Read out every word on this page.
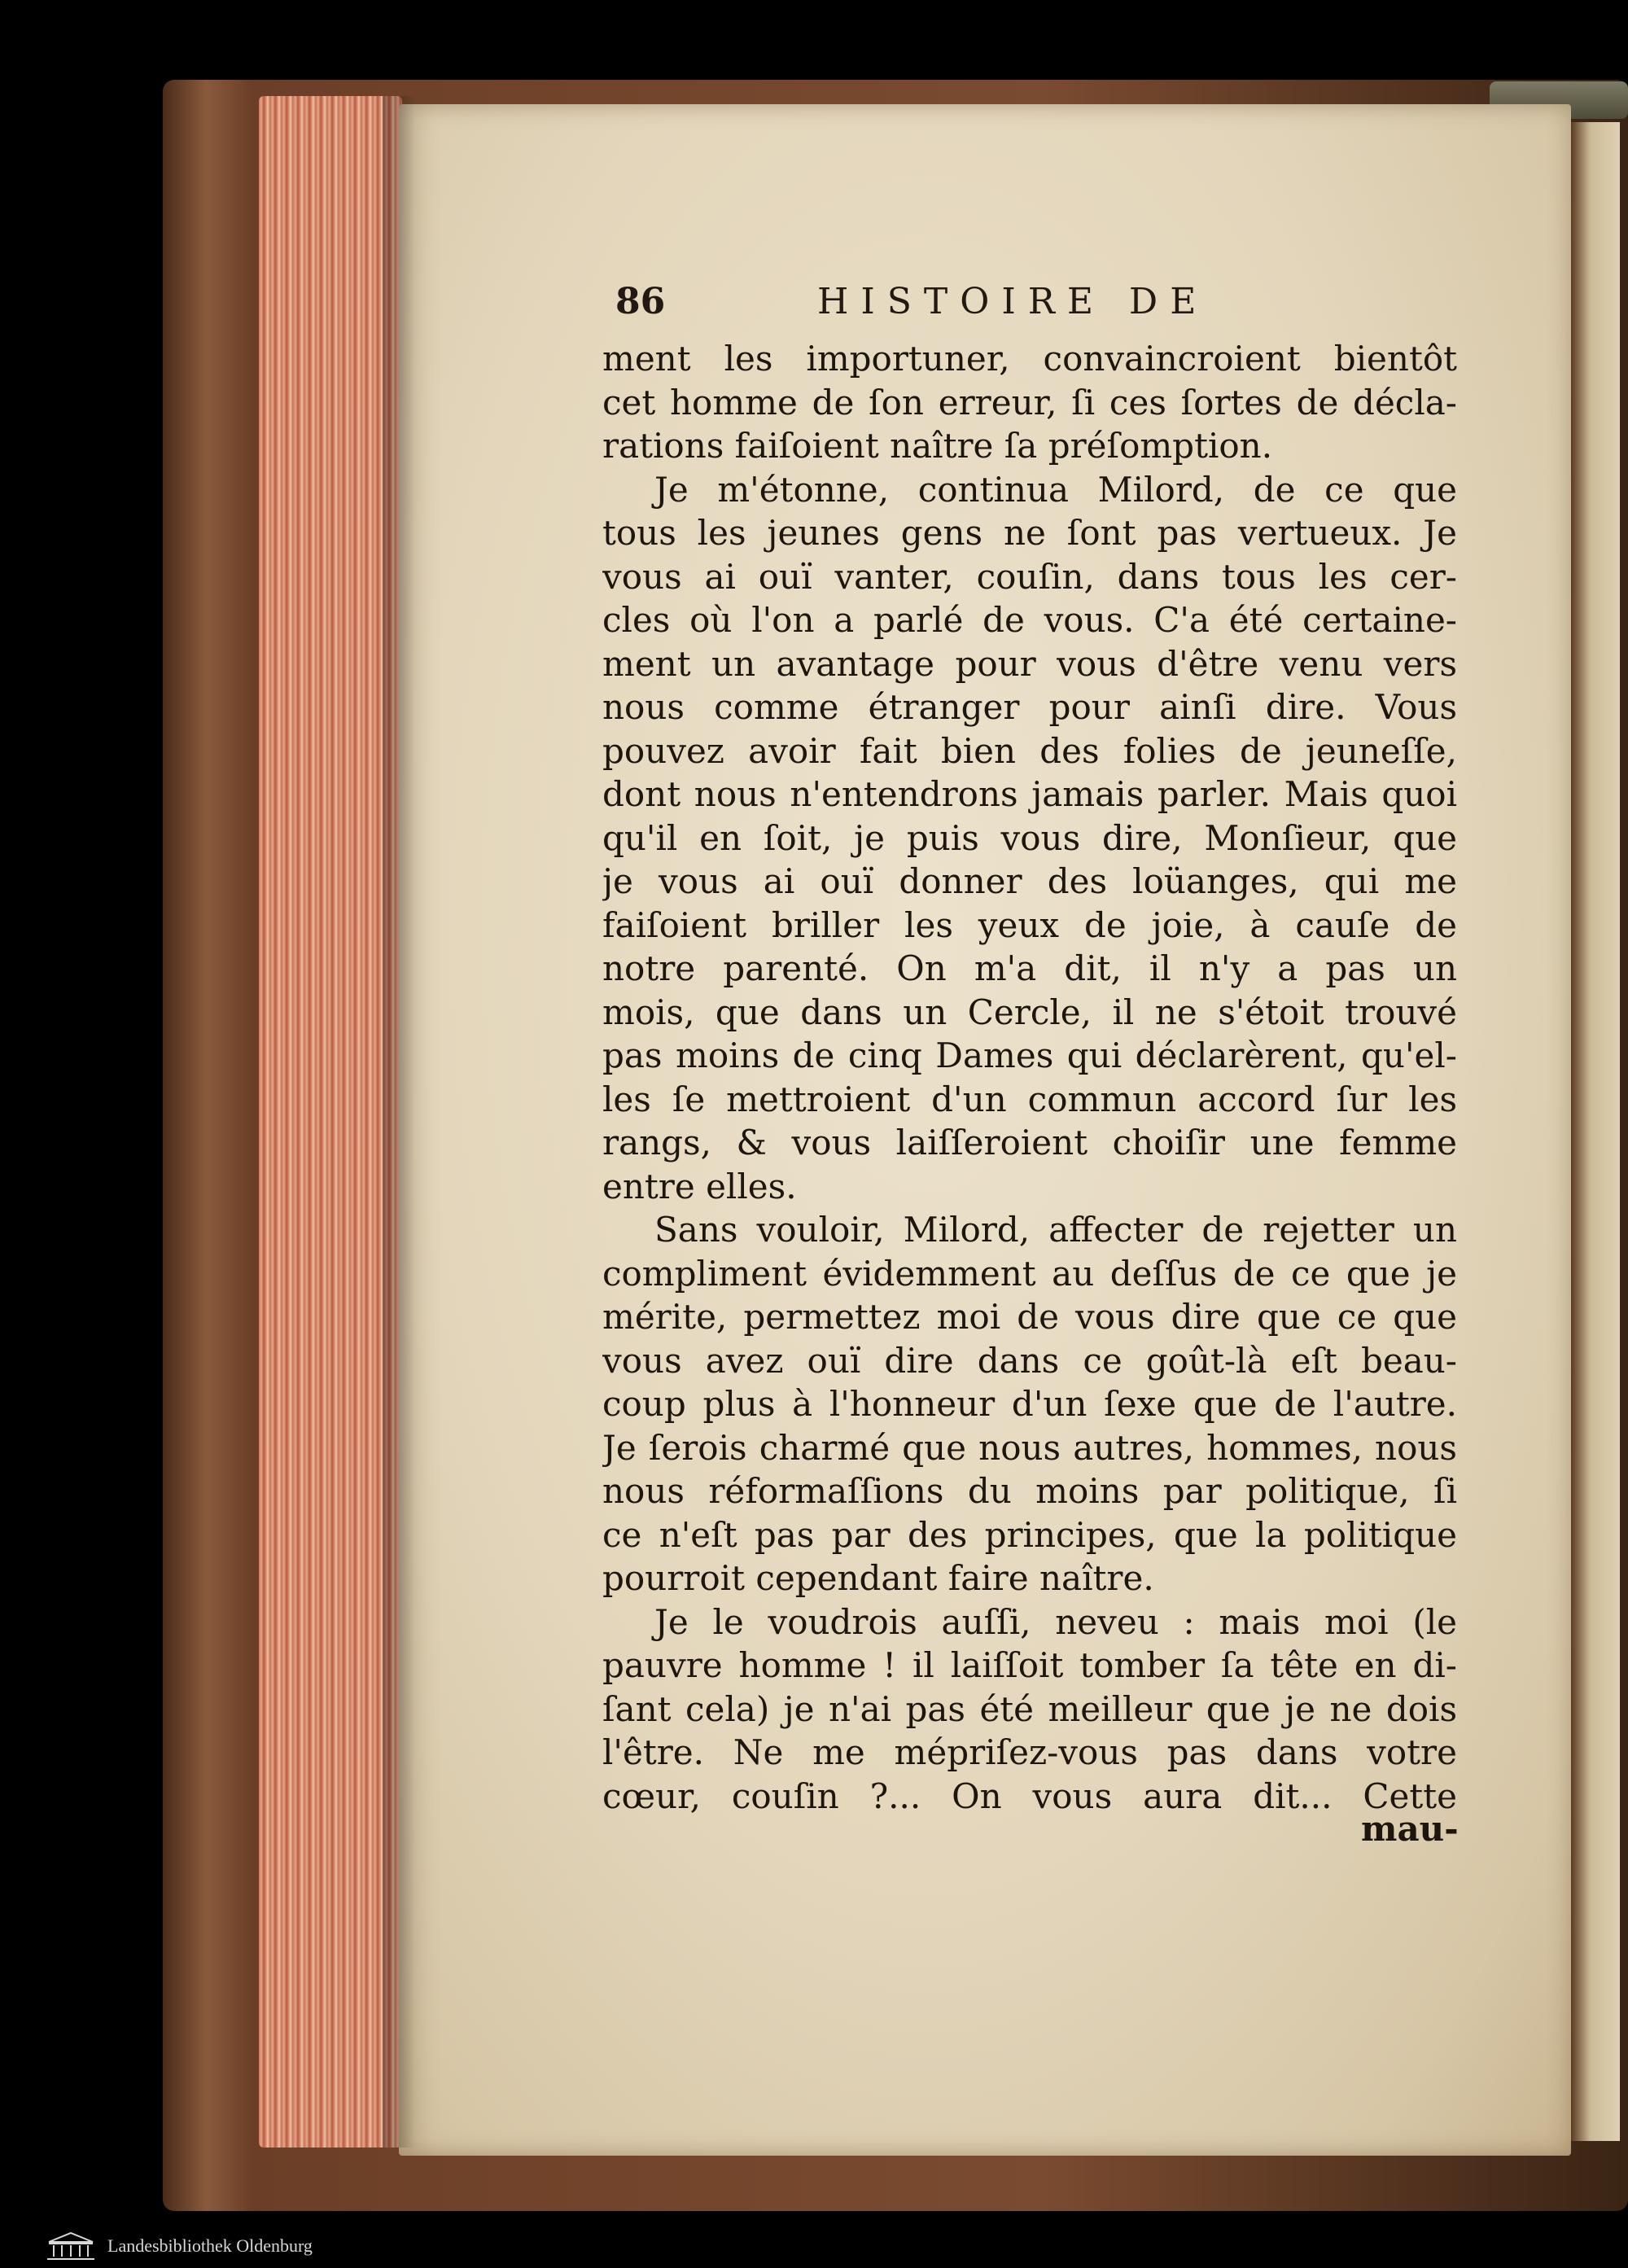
86	HISTOIRE DE
ment les importuner, convaincroient bientôt
cet homme de ſon erreur, ſi ces ſortes de décla-
rations faiſoient naître ſa préſomption.
Je m'étonne, continua Milord, de ce que
tous les jeunes gens ne ſont pas vertueux. Je
vous ai ouï vanter, couſin, dans tous les cer-
cles où l'on a parlé de vous. C'a été certaine-
ment un avantage pour vous d'être venu vers
nous comme étranger pour ainſi dire. Vous
pouvez avoir fait bien des folies de jeuneſſe,
dont nous n'entendrons jamais parler. Mais quoi
qu'il en ſoit, je puis vous dire, Monſieur, que
je vous ai ouï donner des loüanges, qui me
faiſoient briller les yeux de joie, à cauſe de
notre parenté. On m'a dit, il n'y a pas un
mois, que dans un Cercle, il ne s'étoit trouvé
pas moins de cinq Dames qui déclarèrent, qu'el-
les ſe mettroient d'un commun accord ſur les
rangs, & vous laiſſeroient choiſir une femme
entre elles.
Sans vouloir, Milord, affecter de rejetter un
compliment évidemment au deſſus de ce que je
mérite, permettez moi de vous dire que ce que
vous avez ouï dire dans ce goût-là eſt beau-
coup plus à l'honneur d'un ſexe que de l'autre.
Je ſerois charmé que nous autres, hommes, nous
nous réformaſſions du moins par politique, ſi
ce n'eſt pas par des principes, que la politique
pourroit cependant faire naître.
Je le voudrois auſſi, neveu : mais moi (le
pauvre homme ! il laiſſoit tomber ſa tête en di-
ſant cela) je n'ai pas été meilleur que je ne dois
l'être. Ne me mépriſez-vous pas dans votre
cœur, couſin ?... On vous aura dit... Cette
mau-
Landesbibliothek Oldenburg
